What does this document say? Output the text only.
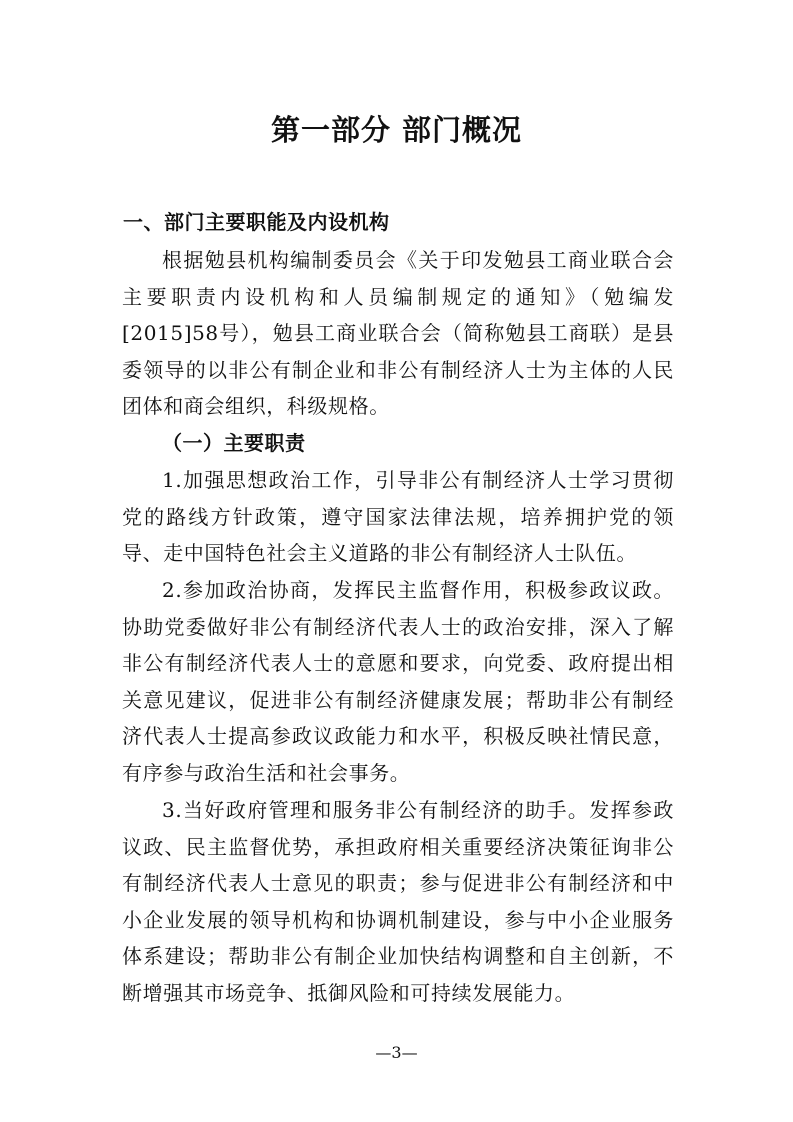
第一部分 部门概况
一、部门主要职能及内设机构

根据勉县机构编制委员会《关于印发勉县工商业联合会主要职责内设机构和人员编制规定的通知》（勉编发[2015]58号），勉县工商业联合会（简称勉县工商联）是县委领导的以非公有制企业和非公有制经济人士为主体的人民团体和商会组织，科级规格。

（一）主要职责

1.加强思想政治工作，引导非公有制经济人士学习贯彻党的路线方针政策，遵守国家法律法规，培养拥护党的领导、走中国特色社会主义道路的非公有制经济人士队伍。

2.参加政治协商，发挥民主监督作用，积极参政议政。协助党委做好非公有制经济代表人士的政治安排，深入了解非公有制经济代表人士的意愿和要求，向党委、政府提出相关意见建议，促进非公有制经济健康发展；帮助非公有制经济代表人士提高参政议政能力和水平，积极反映社情民意，有序参与政治生活和社会事务。

3.当好政府管理和服务非公有制经济的助手。发挥参政议政、民主监督优势，承担政府相关重要经济决策征询非公有制经济代表人士意见的职责；参与促进非公有制经济和中小企业发展的领导机构和协调机制建设，参与中小企业服务体系建设；帮助非公有制企业加快结构调整和自主创新，不断增强其市场竞争、抵御风险和可持续发展能力。

—3—
